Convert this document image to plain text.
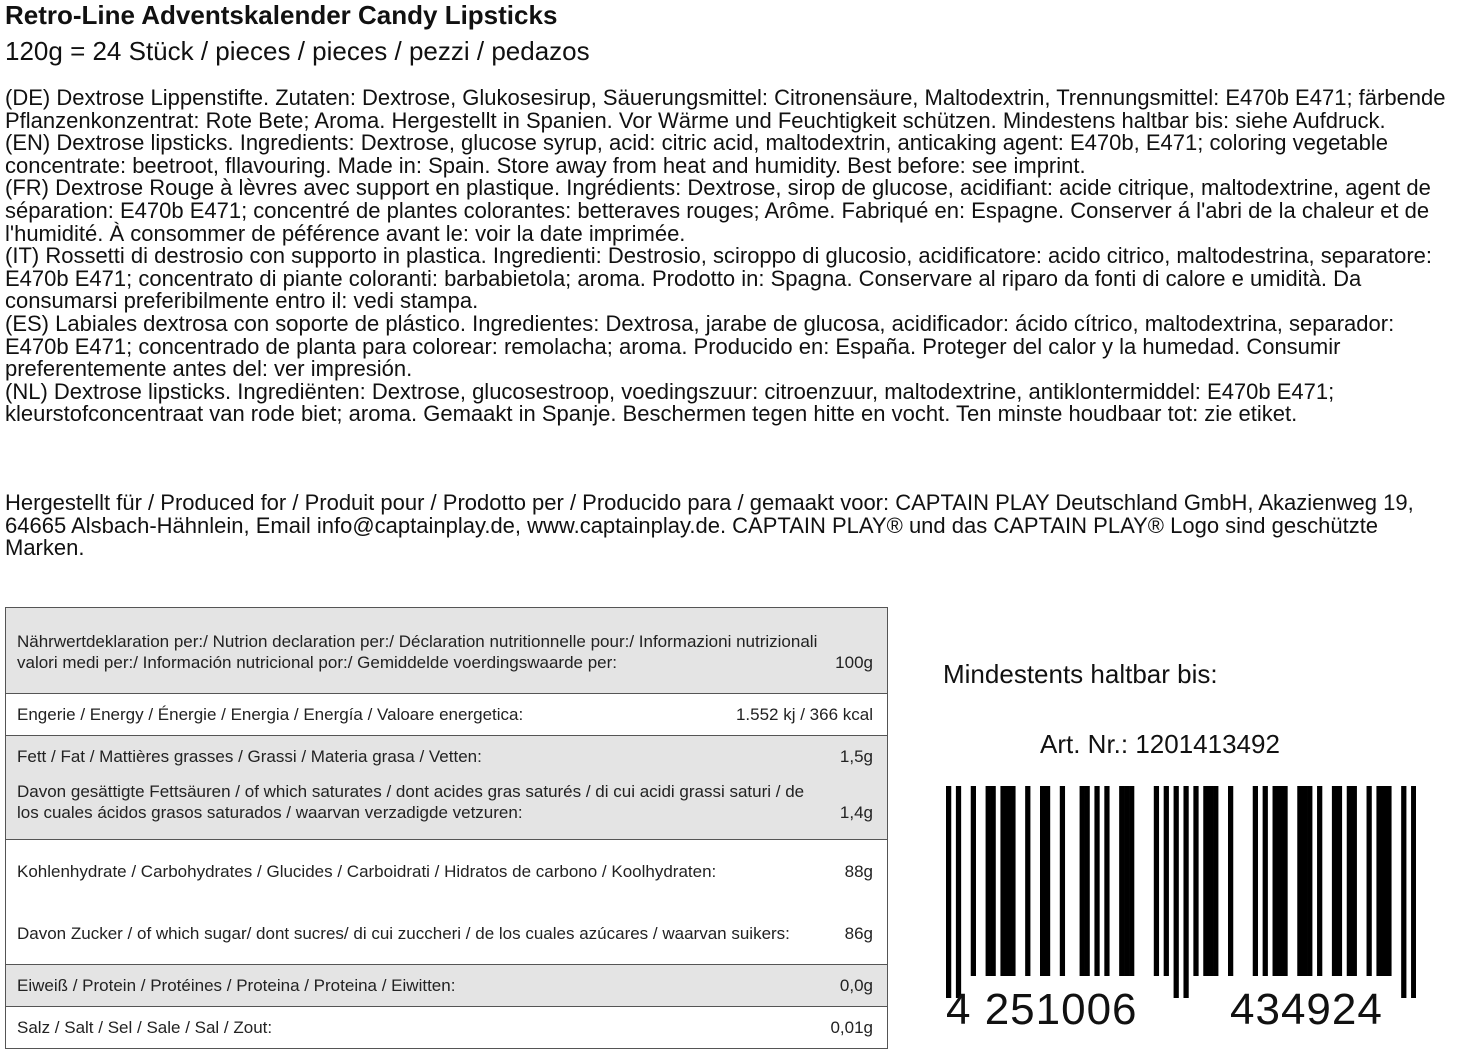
Retro-Line Adventskalender Candy Lipsticks
120g = 24 Stück / pieces / pieces / pezzi / pedazos

(DE) Dextrose Lippenstifte. Zutaten: Dextrose, Glukosesirup, Säuerungsmittel: Citronensäure, Maltodextrin, Trennungsmittel: E470b E471; färbende Pflanzenkonzentrat: Rote Bete; Aroma. Hergestellt in Spanien. Vor Wärme und Feuchtigkeit schützen. Mindestens haltbar bis: siehe Aufdruck.

(EN) Dextrose lipsticks. Ingredients: Dextrose, glucose syrup, acid: citric acid, maltodextrin, anticaking agent: E470b, E471; coloring vegetable concentrate: beetroot, fllavouring. Made in: Spain. Store away from heat and humidity. Best before: see imprint.

(FR) Dextrose Rouge à lèvres avec support en plastique. Ingrédients: Dextrose, sirop de glucose, acidifiant: acide citrique, maltodextrine, agent de séparation: E470b E471; concentré de plantes colorantes: betteraves rouges; Arôme. Fabriqué en: Espagne. Conserver á l'abri de la chaleur et de l'humidité. À consommer de péférence avant le: voir la date imprimée.

(IT) Rossetti di destrosio con supporto in plastica. Ingredienti: Destrosio, sciroppo di glucosio, acidificatore: acido citrico, maltodestrina, separatore: E470b E471; concentrato di piante coloranti: barbabietola; aroma. Prodotto in: Spagna. Conservare al riparo da fonti di calore e umidità. Da consumarsi preferibilmente entro il: vedi stampa.

(ES) Labiales dextrosa con soporte de plástico. Ingredientes: Dextrosa, jarabe de glucosa, acidificador: ácido cítrico, maltodextrina, separador: E470b E471; concentrado de planta para colorear: remolacha; aroma. Producido en: España. Proteger del calor y la humedad. Consumir preferentemente antes del: ver impresión.

(NL) Dextrose lipsticks. Ingrediënten: Dextrose, glucosestroop, voedingszuur: citroenzuur, maltodextrine, antiklontermiddel: E470b E471; kleurstofconcentraat van rode biet; aroma. Gemaakt in Spanje. Beschermen tegen hitte en vocht. Ten minste houdbaar tot: zie etiket.

Hergestellt für / Produced for / Produit pour / Prodotto per / Producido para / gemaakt voor: CAPTAIN PLAY Deutschland GmbH, Akazienweg 19, 64665 Alsbach-Hähnlein, Email info@captainplay.de, www.captainplay.de. CAPTAIN PLAY® und das CAPTAIN PLAY® Logo sind geschützte Marken.
Nährwertdeklaration per:/ Nutrion declaration per:/ Déclaration nutritionnelle pour:/ Informazioni nutrizionali valori medi per:/ Información nutricional por:/ Gemiddelde voerdingswaarde per:	100g
Engerie / Energy / Énergie / Energia / Energía / Valoare energetica:	1.552 kj / 366 kcal
Fett / Fat / Mattières grasses / Grassi / Materia grasa / Vetten:	1,5g
Davon gesättigte Fettsäuren / of which saturates / dont acides gras saturés / di cui acidi grassi saturi / de los cuales ácidos grasos saturados / waarvan verzadigde vetzuren:	1,4g
Kohlenhydrate / Carbohydrates / Glucides / Carboidrati / Hidratos de carbono / Koolhydraten:	88g
Davon Zucker / of which sugar/ dont sucres/ di cui zuccheri / de los cuales azúcares / waarvan suikers:	86g
Eiweiß / Protein / Protéines / Proteina / Proteina / Eiwitten:	0,0g
Salz / Salt / Sel / Sale / Sal / Zout:	0,01g
Mindestents haltbar bis:
Art. Nr.: 1201413492
4 251006 434924
